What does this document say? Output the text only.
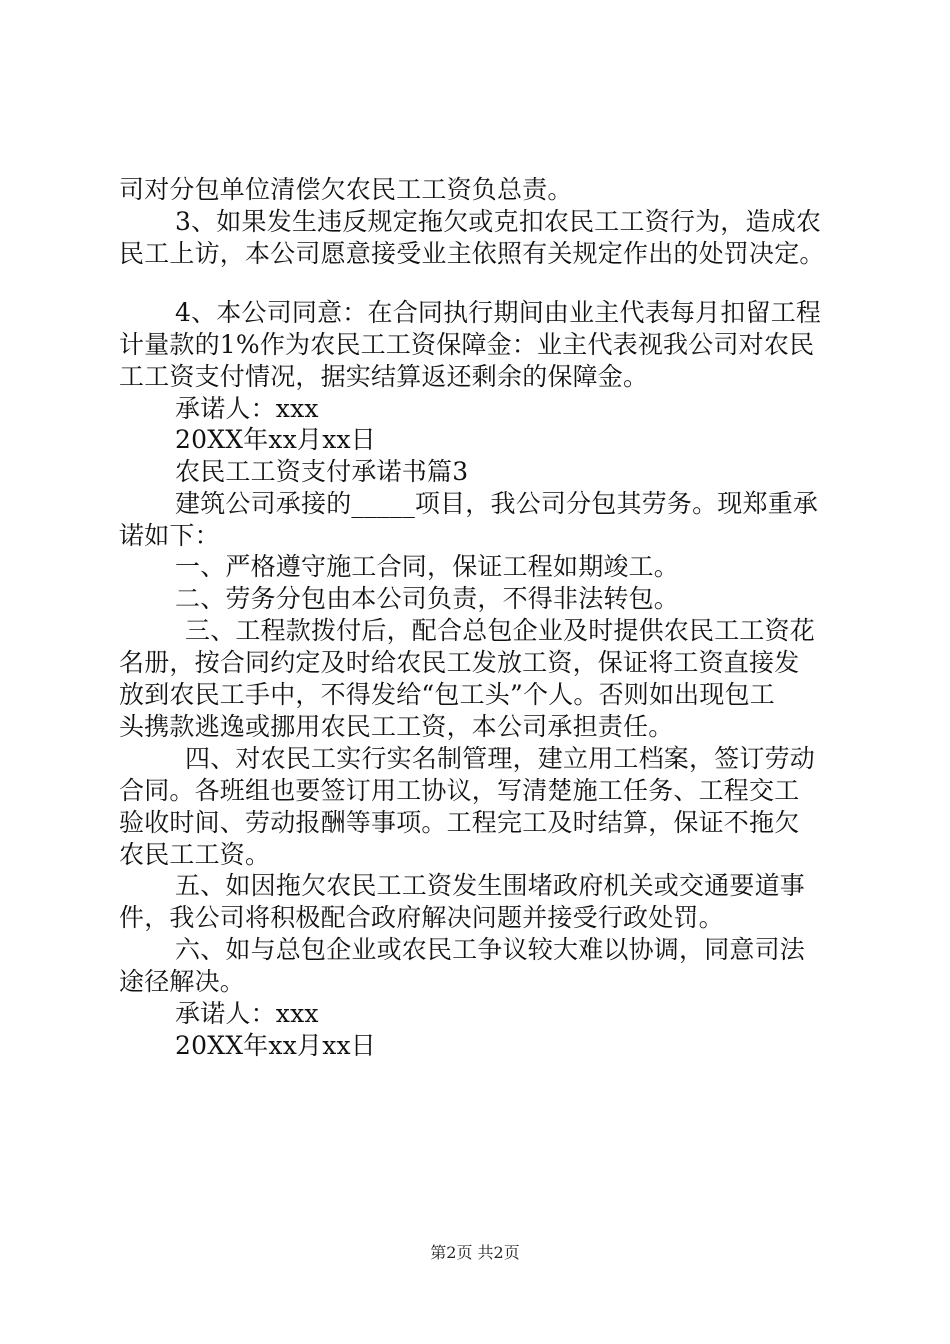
司对分包单位清偿欠农民工工资负总责。
3、如果发生违反规定拖欠或克扣农民工工资行为，造成农
民工上访，本公司愿意接受业主依照有关规定作出的处罚决定。
4、本公司同意：在合同执行期间由业主代表每月扣留工程
计量款的1%作为农民工工资保障金：业主代表视我公司对农民
工工资支付情况，据实结算返还剩余的保障金。
承诺人：xxx
20XX年xx月xx日
农民工工资支付承诺书篇3
建筑公司承接的_____项目，我公司分包其劳务。现郑重承
诺如下：
一、严格遵守施工合同，保证工程如期竣工。
二、劳务分包由本公司负责，不得非法转包。
三、工程款拨付后，配合总包企业及时提供农民工工资花
名册，按合同约定及时给农民工发放工资，保证将工资直接发
放到农民工手中，不得发给“包工头”个人。否则如出现包工
头携款逃逸或挪用农民工工资，本公司承担责任。
四、对农民工实行实名制管理，建立用工档案，签订劳动
合同。各班组也要签订用工协议，写清楚施工任务、工程交工
验收时间、劳动报酬等事项。工程完工及时结算，保证不拖欠
农民工工资。
五、如因拖欠农民工工资发生围堵政府机关或交通要道事
件，我公司将积极配合政府解决问题并接受行政处罚。
六、如与总包企业或农民工争议较大难以协调，同意司法
途径解决。
承诺人：xxx
20XX年xx月xx日
第2页 共2页
